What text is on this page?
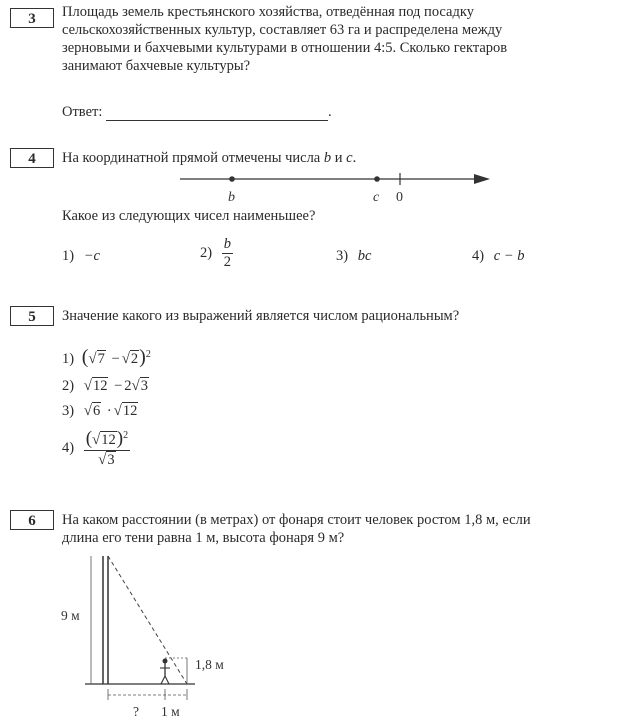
3	Площадь земель крестьянского хозяйства, отведённая под посадку
сельскохозяйственных культур, составляет 63 га и распределена между
зерновыми и бахчевыми культурами в отношении 4:5. Сколько гектаров
занимают бахчевые культуры?
Ответ:	.
4	На координатной прямой отмечены числа b и c.
b	c 0
Какое из следующих чисел наименьшее?
1) −c	$2) \frac{b}{2}$	3) bc	4) c − b
5	Значение какого из выражений является числом рациональным?
1) $(√7 - √2)^2$
2) √12 − 2√3
3) √6 · √12
$4) \frac{(√12)^2}{√3}$
6	На каком расстоянии (в метрах) от фонаря стоит человек ростом 1,8 м, если
длина его тени равна 1 м, высота фонаря 9 м?
9 м
1,8 м
? 1 м
